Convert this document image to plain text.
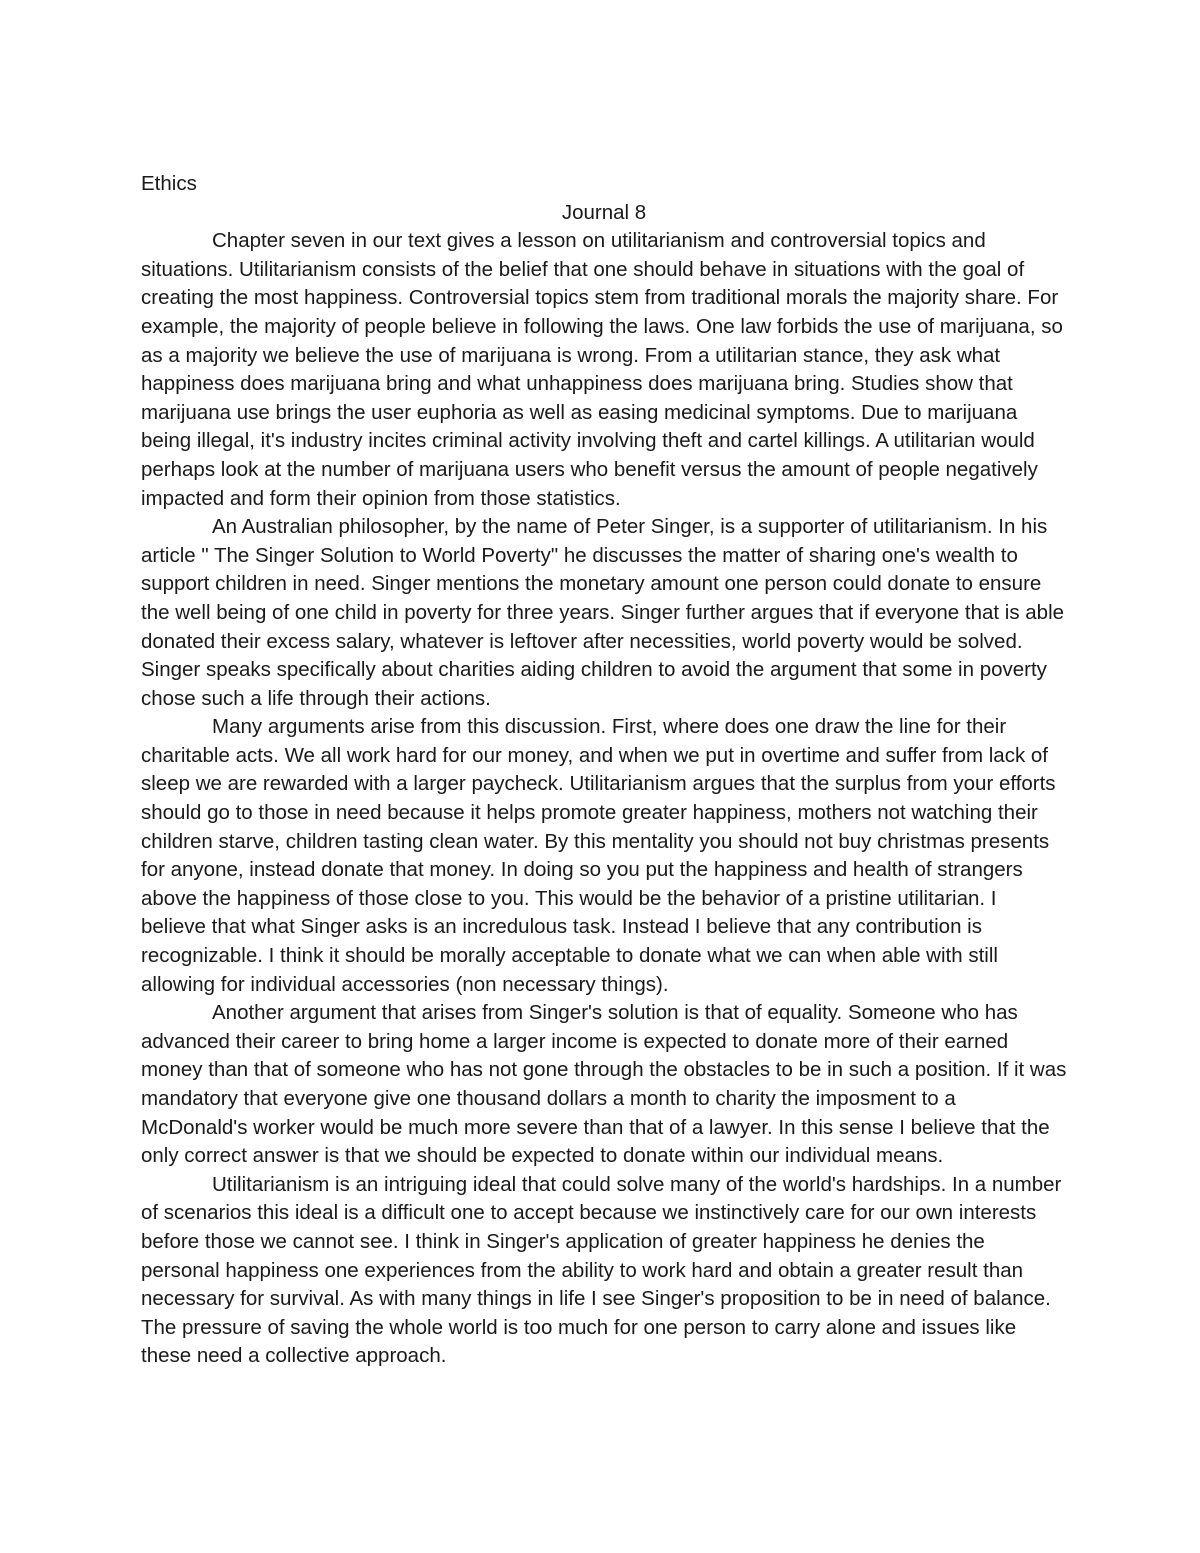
Ethics

Journal 8

Chapter seven in our text gives a lesson on utilitarianism and controversial topics and situations. Utilitarianism consists of the belief that one should behave in situations with the goal of creating the most happiness. Controversial topics stem from traditional morals the majority share. For example, the majority of people believe in following the laws. One law forbids the use of marijuana, so as a majority we believe the use of marijuana is wrong. From a utilitarian stance, they ask what happiness does marijuana bring and what unhappiness does marijuana bring. Studies show that marijuana use brings the user euphoria as well as easing medicinal symptoms. Due to marijuana being illegal, it's industry incites criminal activity involving theft and cartel killings. A utilitarian would perhaps look at the number of marijuana users who benefit versus the amount of people negatively impacted and form their opinion from those statistics.

An Australian philosopher, by the name of Peter Singer, is a supporter of utilitarianism. In his article " The Singer Solution to World Poverty" he discusses the matter of sharing one's wealth to support children in need. Singer mentions the monetary amount one person could donate to ensure the well being of one child in poverty for three years. Singer further argues that if everyone that is able donated their excess salary, whatever is leftover after necessities, world poverty would be solved. Singer speaks specifically about charities aiding children to avoid the argument that some in poverty chose such a life through their actions.

Many arguments arise from this discussion. First, where does one draw the line for their charitable acts. We all work hard for our money, and when we put in overtime and suffer from lack of sleep we are rewarded with a larger paycheck. Utilitarianism argues that the surplus from your efforts should go to those in need because it helps promote greater happiness, mothers not watching their children starve, children tasting clean water. By this mentality you should not buy christmas presents for anyone, instead donate that money. In doing so you put the happiness and health of strangers above the happiness of those close to you. This would be the behavior of a pristine utilitarian. I believe that what Singer asks is an incredulous task. Instead I believe that any contribution is recognizable. I think it should be morally acceptable to donate what we can when able with still allowing for individual accessories (non necessary things).

Another argument that arises from Singer's solution is that of equality. Someone who has advanced their career to bring home a larger income is expected to donate more of their earned money than that of someone who has not gone through the obstacles to be in such a position. If it was mandatory that everyone give one thousand dollars a month to charity the imposment to a McDonald's worker would be much more severe than that of a lawyer. In this sense I believe that the only correct answer is that we should be expected to donate within our individual means.

Utilitarianism is an intriguing ideal that could solve many of the world's hardships. In a number of scenarios this ideal is a difficult one to accept because we instinctively care for our own interests before those we cannot see. I think in Singer's application of greater happiness he denies the personal happiness one experiences from the ability to work hard and obtain a greater result than necessary for survival. As with many things in life I see Singer's proposition to be in need of balance. The pressure of saving the whole world is too much for one person to carry alone and issues like these need a collective approach.
